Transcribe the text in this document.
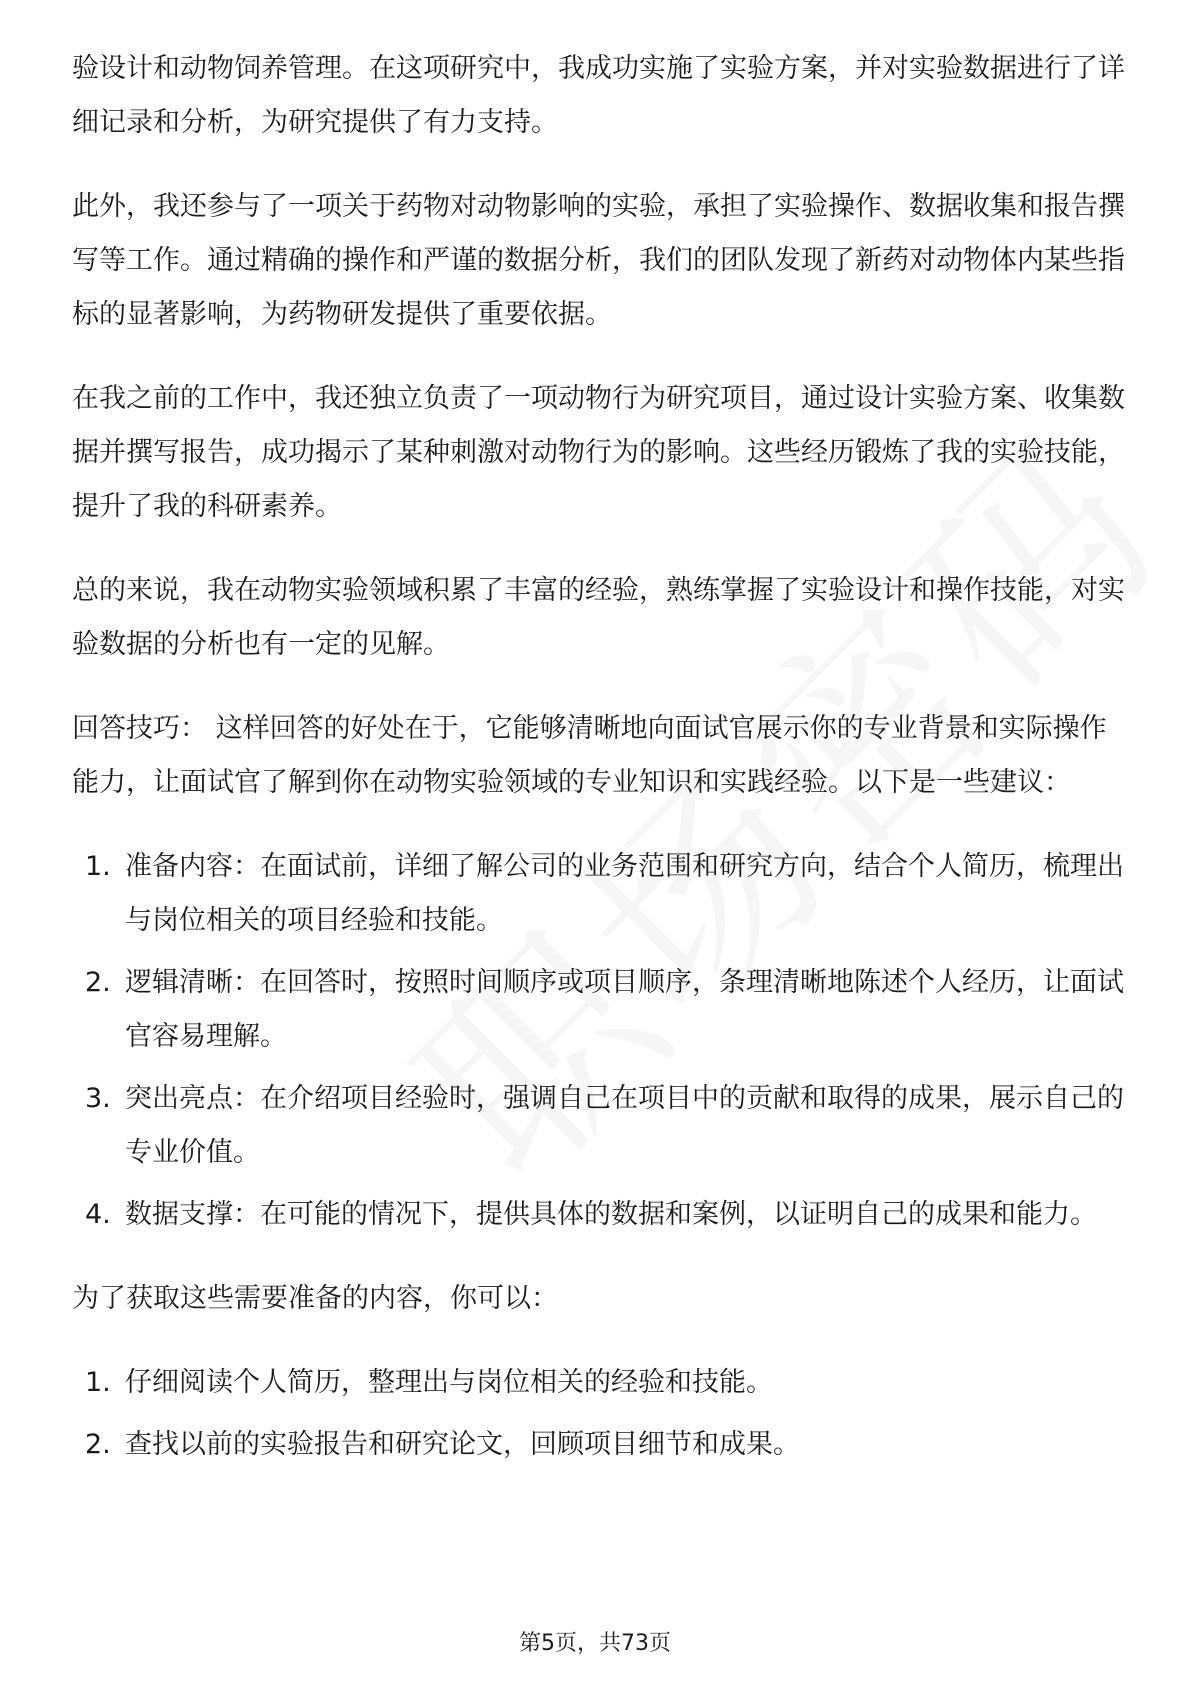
验设计和动物饲养管理。在这项研究中，我成功实施了实验方案，并对实验数据进行了详细记录和分析，为研究提供了有力支持。

此外，我还参与了一项关于药物对动物影响的实验，承担了实验操作、数据收集和报告撰写等工作。通过精确的操作和严谨的数据分析，我们的团队发现了新药对动物体内某些指标的显著影响，为药物研发提供了重要依据。

在我之前的工作中，我还独立负责了一项动物行为研究项目，通过设计实验方案、收集数据并撰写报告，成功揭示了某种刺激对动物行为的影响。这些经历锻炼了我的实验技能，提升了我的科研素养。

总的来说，我在动物实验领域积累了丰富的经验，熟练掌握了实验设计和操作技能，对实验数据的分析也有一定的见解。

回答技巧： 这样回答的好处在于，它能够清晰地向面试官展示你的专业背景和实际操作能力，让面试官了解到你在动物实验领域的专业知识和实践经验。以下是一些建议：

1. 准备内容：在面试前，详细了解公司的业务范围和研究方向，结合个人简历，梳理出与岗位相关的项目经验和技能。
2. 逻辑清晰：在回答时，按照时间顺序或项目顺序，条理清晰地陈述个人经历，让面试官容易理解。
3. 突出亮点：在介绍项目经验时，强调自己在项目中的贡献和取得的成果，展示自己的专业价值。
4. 数据支撑：在可能的情况下，提供具体的数据和案例，以证明自己的成果和能力。

为了获取这些需要准备的内容，你可以：

1. 仔细阅读个人简历，整理出与岗位相关的经验和技能。
2. 查找以前的实验报告和研究论文，回顾项目细节和成果。
第5页，共73页
